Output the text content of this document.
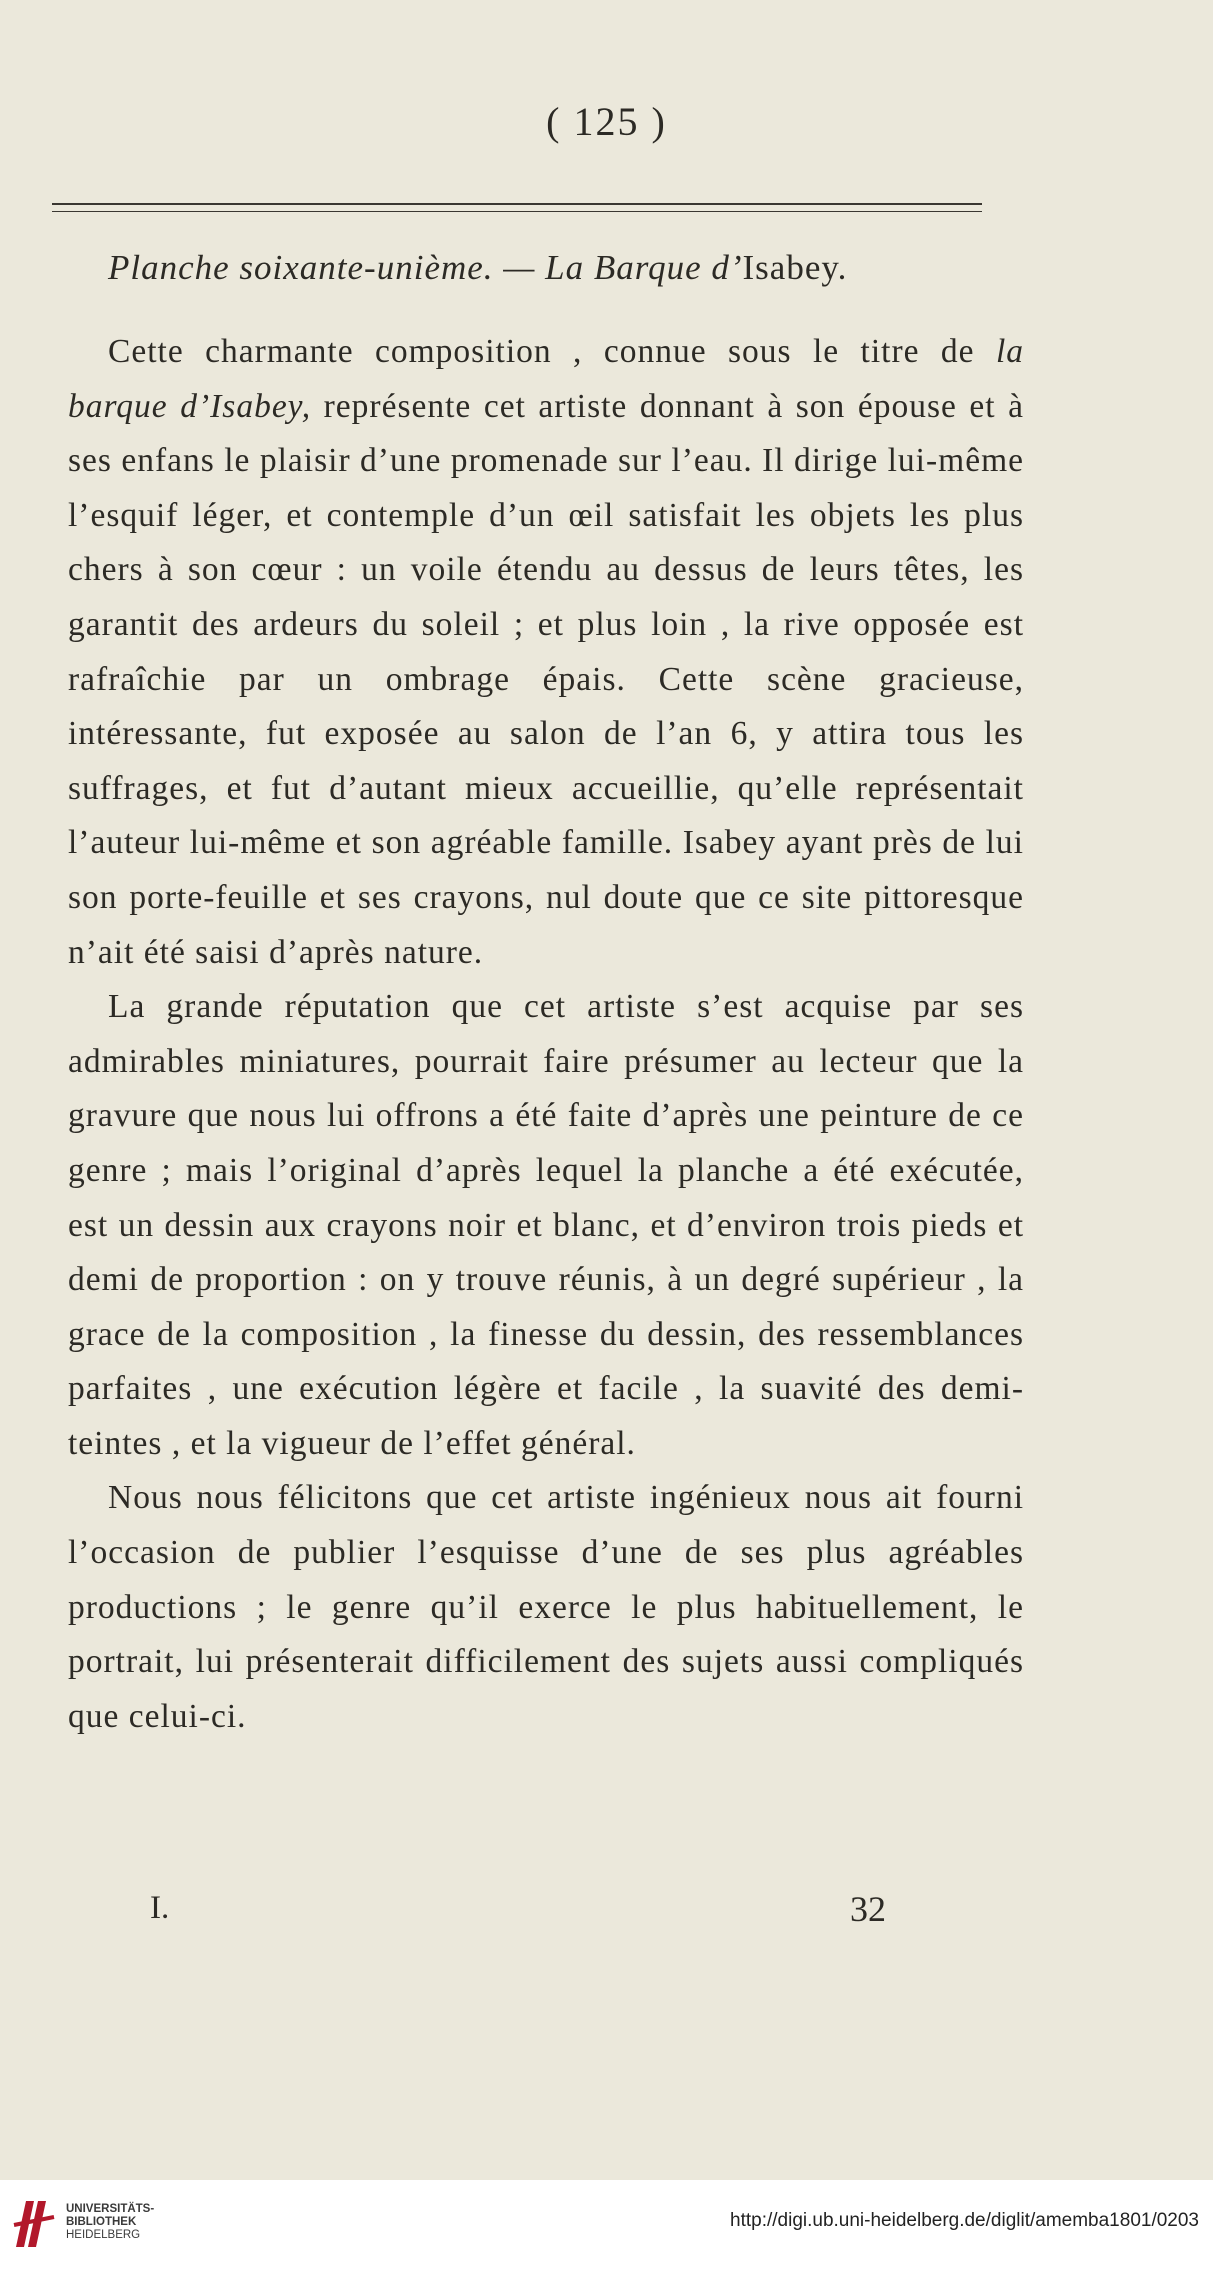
( 125 )
Planche soixante-unième. — La Barque d’Isabey.

Cette charmante composition , connue sous le titre de la barque d’Isabey, représente cet artiste donnant à son épouse et à ses enfans le plaisir d’une promenade sur l’eau. Il dirige lui-même l’esquif léger, et contemple d’un œil satisfait les objets les plus chers à son cœur : un voile étendu au dessus de leurs têtes, les garantit des ardeurs du soleil ; et plus loin , la rive opposée est rafraîchie par un ombrage épais. Cette scène gracieuse, intéressante, fut exposée au salon de l’an 6, y attira tous les suffrages, et fut d’autant mieux accueillie, qu’elle représentait l’auteur lui-même et son agréable famille. Isabey ayant près de lui son porte-feuille et ses crayons, nul doute que ce site pittoresque n’ait été saisi d’après nature.

La grande réputation que cet artiste s’est acquise par ses admirables miniatures, pourrait faire présumer au lecteur que la gravure que nous lui offrons a été faite d’après une peinture de ce genre ; mais l’original d’après lequel la planche a été exécutée, est un dessin aux crayons noir et blanc, et d’environ trois pieds et demi de proportion : on y trouve réunis, à un degré supérieur , la grace de la composition , la finesse du dessin, des ressemblances parfaites , une exécution légère et facile , la suavité des demi-teintes , et la vigueur de l’effet général.

Nous nous félicitons que cet artiste ingénieux nous ait fourni l’occasion de publier l’esquisse d’une de ses plus agréables productions ; le genre qu’il exerce le plus habituellement, le portrait, lui présenterait difficilement des sujets aussi compliqués que celui-ci.

I.	32
UNIVERSITÄTS-
BIBLIOTHEK
HEIDELBERG
http://digi.ub.uni-heidelberg.de/diglit/amemba1801/0203
